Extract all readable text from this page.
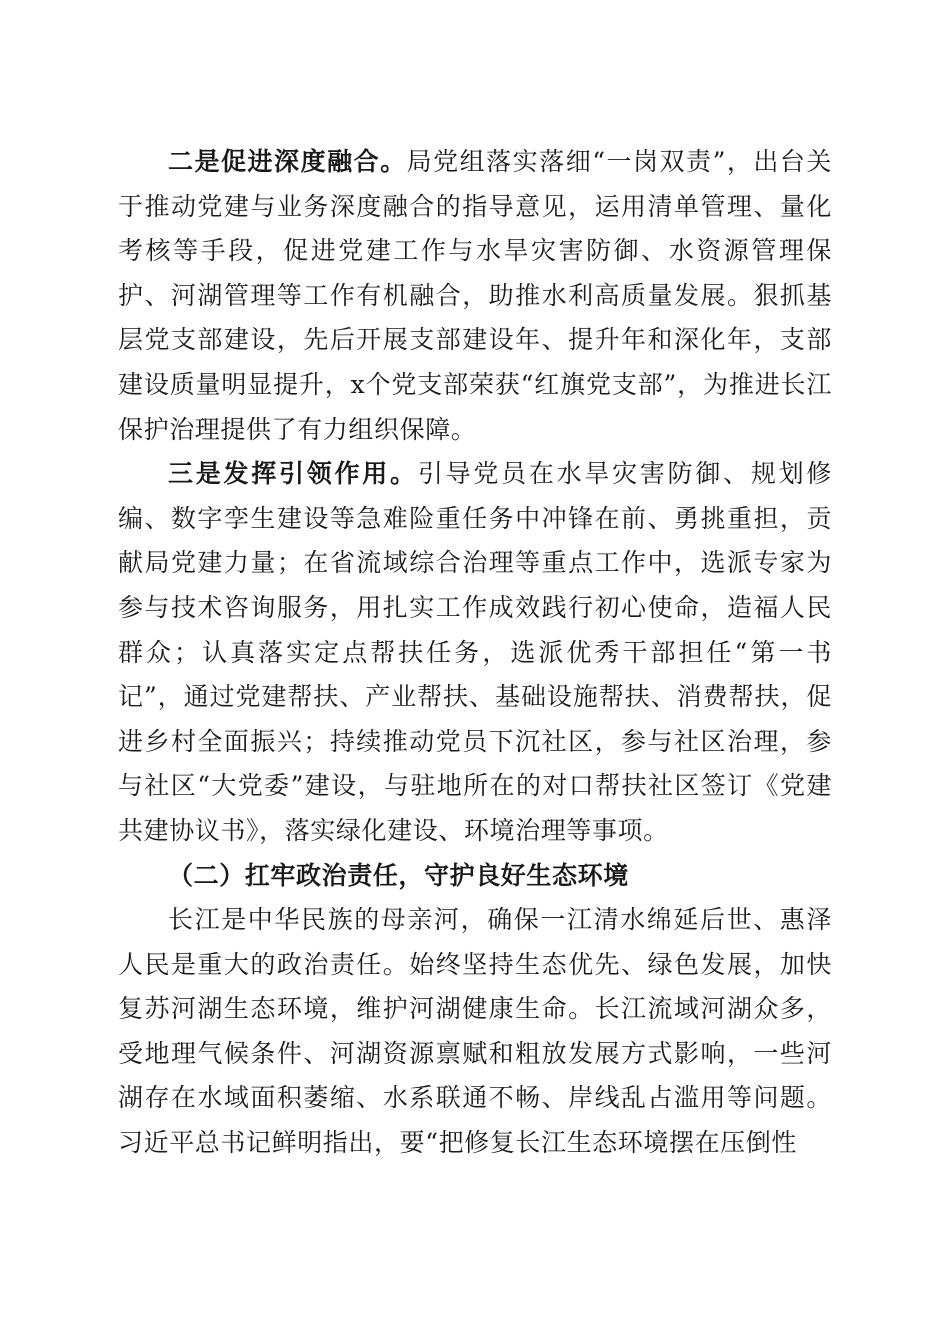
二是促进深度融合。局党组落实落细“一岗双责”，出台关于推动党建与业务深度融合的指导意见，运用清单管理、量化考核等手段，促进党建工作与水旱灾害防御、水资源管理保护、河湖管理等工作有机融合，助推水利高质量发展。狠抓基层党支部建设，先后开展支部建设年、提升年和深化年，支部建设质量明显提升，x个党支部荣获“红旗党支部”，为推进长江保护治理提供了有力组织保障。

三是发挥引领作用。引导党员在水旱灾害防御、规划修编、数字孪生建设等急难险重任务中冲锋在前、勇挑重担，贡献局党建力量；在省流域综合治理等重点工作中，选派专家为参与技术咨询服务，用扎实工作成效践行初心使命，造福人民群众；认真落实定点帮扶任务，选派优秀干部担任“第一书记”，通过党建帮扶、产业帮扶、基础设施帮扶、消费帮扶，促进乡村全面振兴；持续推动党员下沉社区，参与社区治理，参与社区“大党委”建设，与驻地所在的对口帮扶社区签订《党建共建协议书》，落实绿化建设、环境治理等事项。

（二）扛牢政治责任，守护良好生态环境

长江是中华民族的母亲河，确保一江清水绵延后世、惠泽人民是重大的政治责任。始终坚持生态优先、绿色发展，加快复苏河湖生态环境，维护河湖健康生命。长江流域河湖众多，受地理气候条件、河湖资源禀赋和粗放发展方式影响，一些河湖存在水域面积萎缩、水系联通不畅、岸线乱占滥用等问题。习近平总书记鲜明指出，要“把修复长江生态环境摆在压倒性
